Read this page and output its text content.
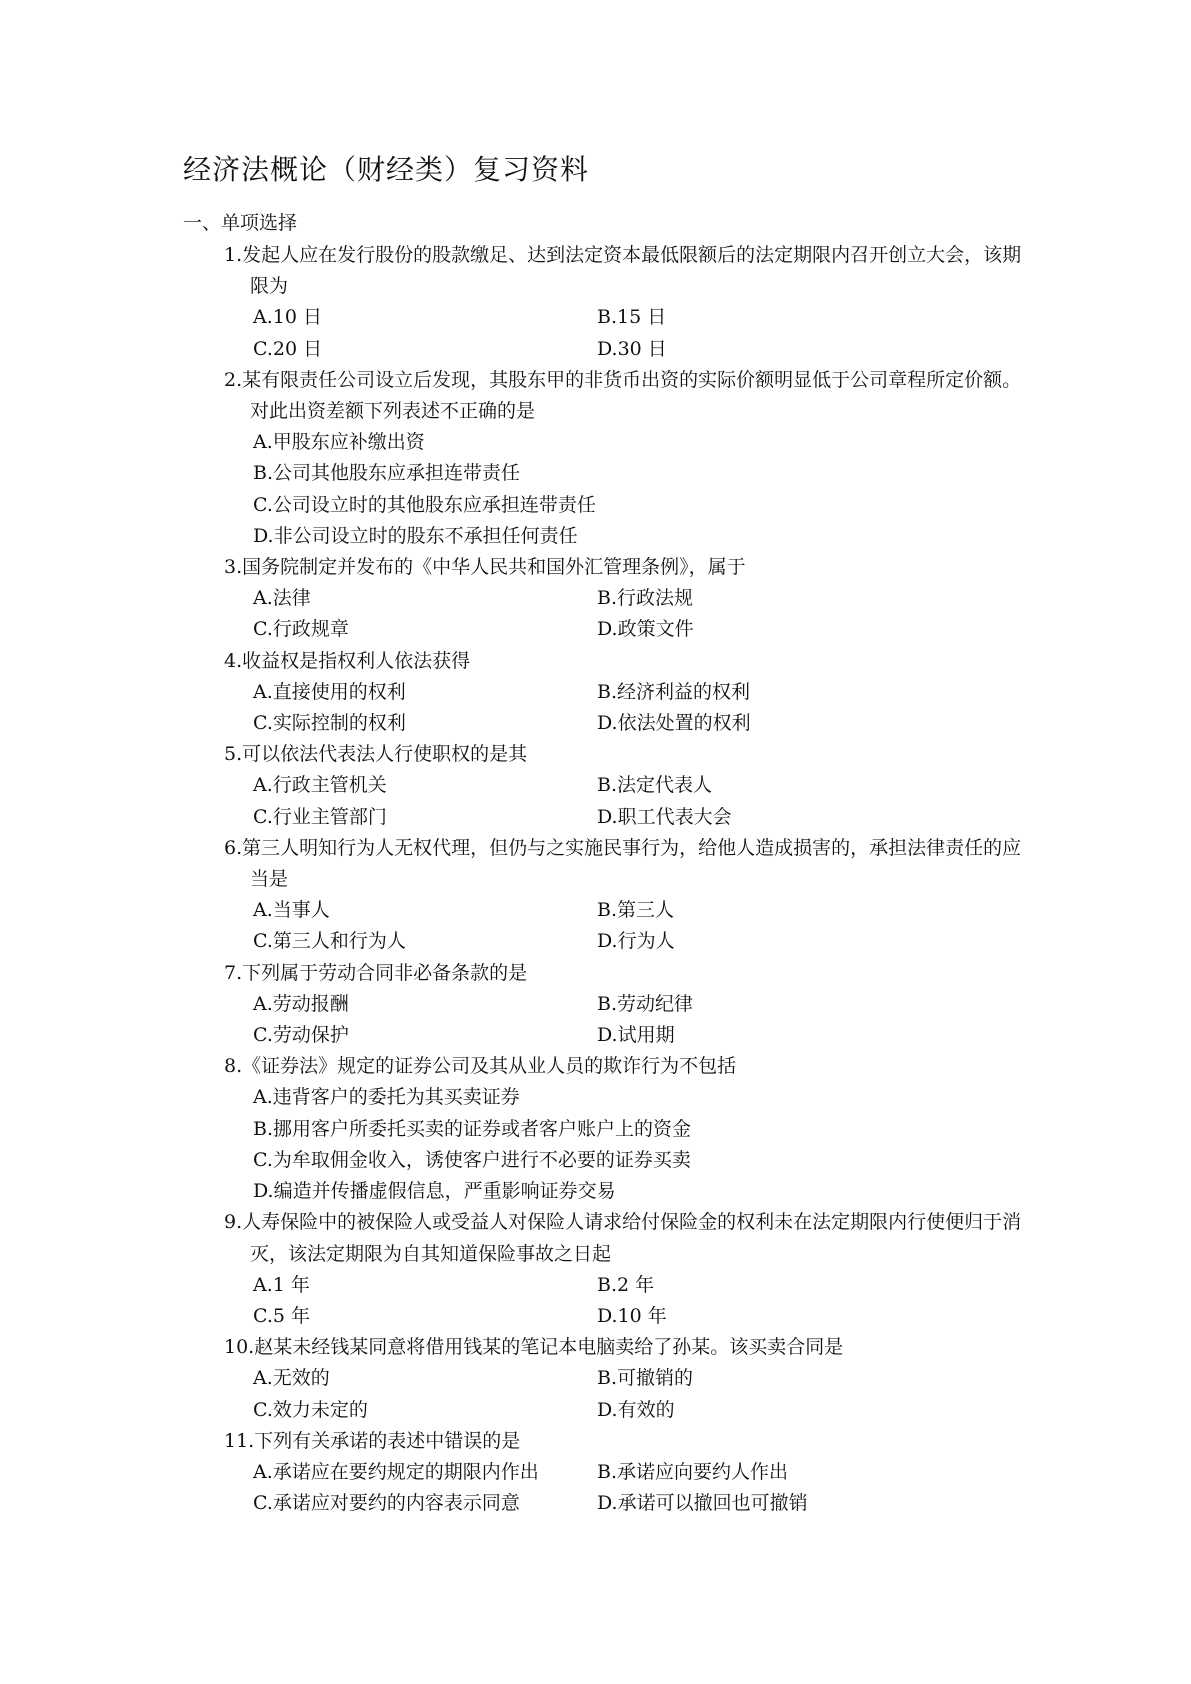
经济法概论（财经类）复习资料
一、单项选择
1.发起人应在发行股份的股款缴足、达到法定资本最低限额后的法定期限内召开创立大会，该期限为
A.10 日	B.15 日
C.20 日	D.30 日
2.某有限责任公司设立后发现，其股东甲的非货币出资的实际价额明显低于公司章程所定价额。对此出资差额下列表述不正确的是
A.甲股东应补缴出资
B.公司其他股东应承担连带责任
C.公司设立时的其他股东应承担连带责任
D.非公司设立时的股东不承担任何责任
3.国务院制定并发布的《中华人民共和国外汇管理条例》，属于
A.法律	B.行政法规
C.行政规章	D.政策文件
4.收益权是指权利人依法获得
A.直接使用的权利	B.经济利益的权利
C.实际控制的权利	D.依法处置的权利
5.可以依法代表法人行使职权的是其
A.行政主管机关	B.法定代表人
C.行业主管部门	D.职工代表大会
6.第三人明知行为人无权代理，但仍与之实施民事行为，给他人造成损害的，承担法律责任的应当是
A.当事人	B.第三人
C.第三人和行为人	D.行为人
7.下列属于劳动合同非必备条款的是
A.劳动报酬	B.劳动纪律
C.劳动保护	D.试用期
8.《证券法》规定的证券公司及其从业人员的欺诈行为不包括
A.违背客户的委托为其买卖证券
B.挪用客户所委托买卖的证券或者客户账户上的资金
C.为牟取佣金收入，诱使客户进行不必要的证券买卖
D.编造并传播虚假信息，严重影响证券交易
9.人寿保险中的被保险人或受益人对保险人请求给付保险金的权利未在法定期限内行使便归于消灭，该法定期限为自其知道保险事故之日起
A.1 年	B.2 年
C.5 年	D.10 年
10.赵某未经钱某同意将借用钱某的笔记本电脑卖给了孙某。该买卖合同是
A.无效的	B.可撤销的
C.效力未定的	D.有效的
11.下列有关承诺的表述中错误的是
A.承诺应在要约规定的期限内作出	B.承诺应向要约人作出
C.承诺应对要约的内容表示同意	D.承诺可以撤回也可撤销
